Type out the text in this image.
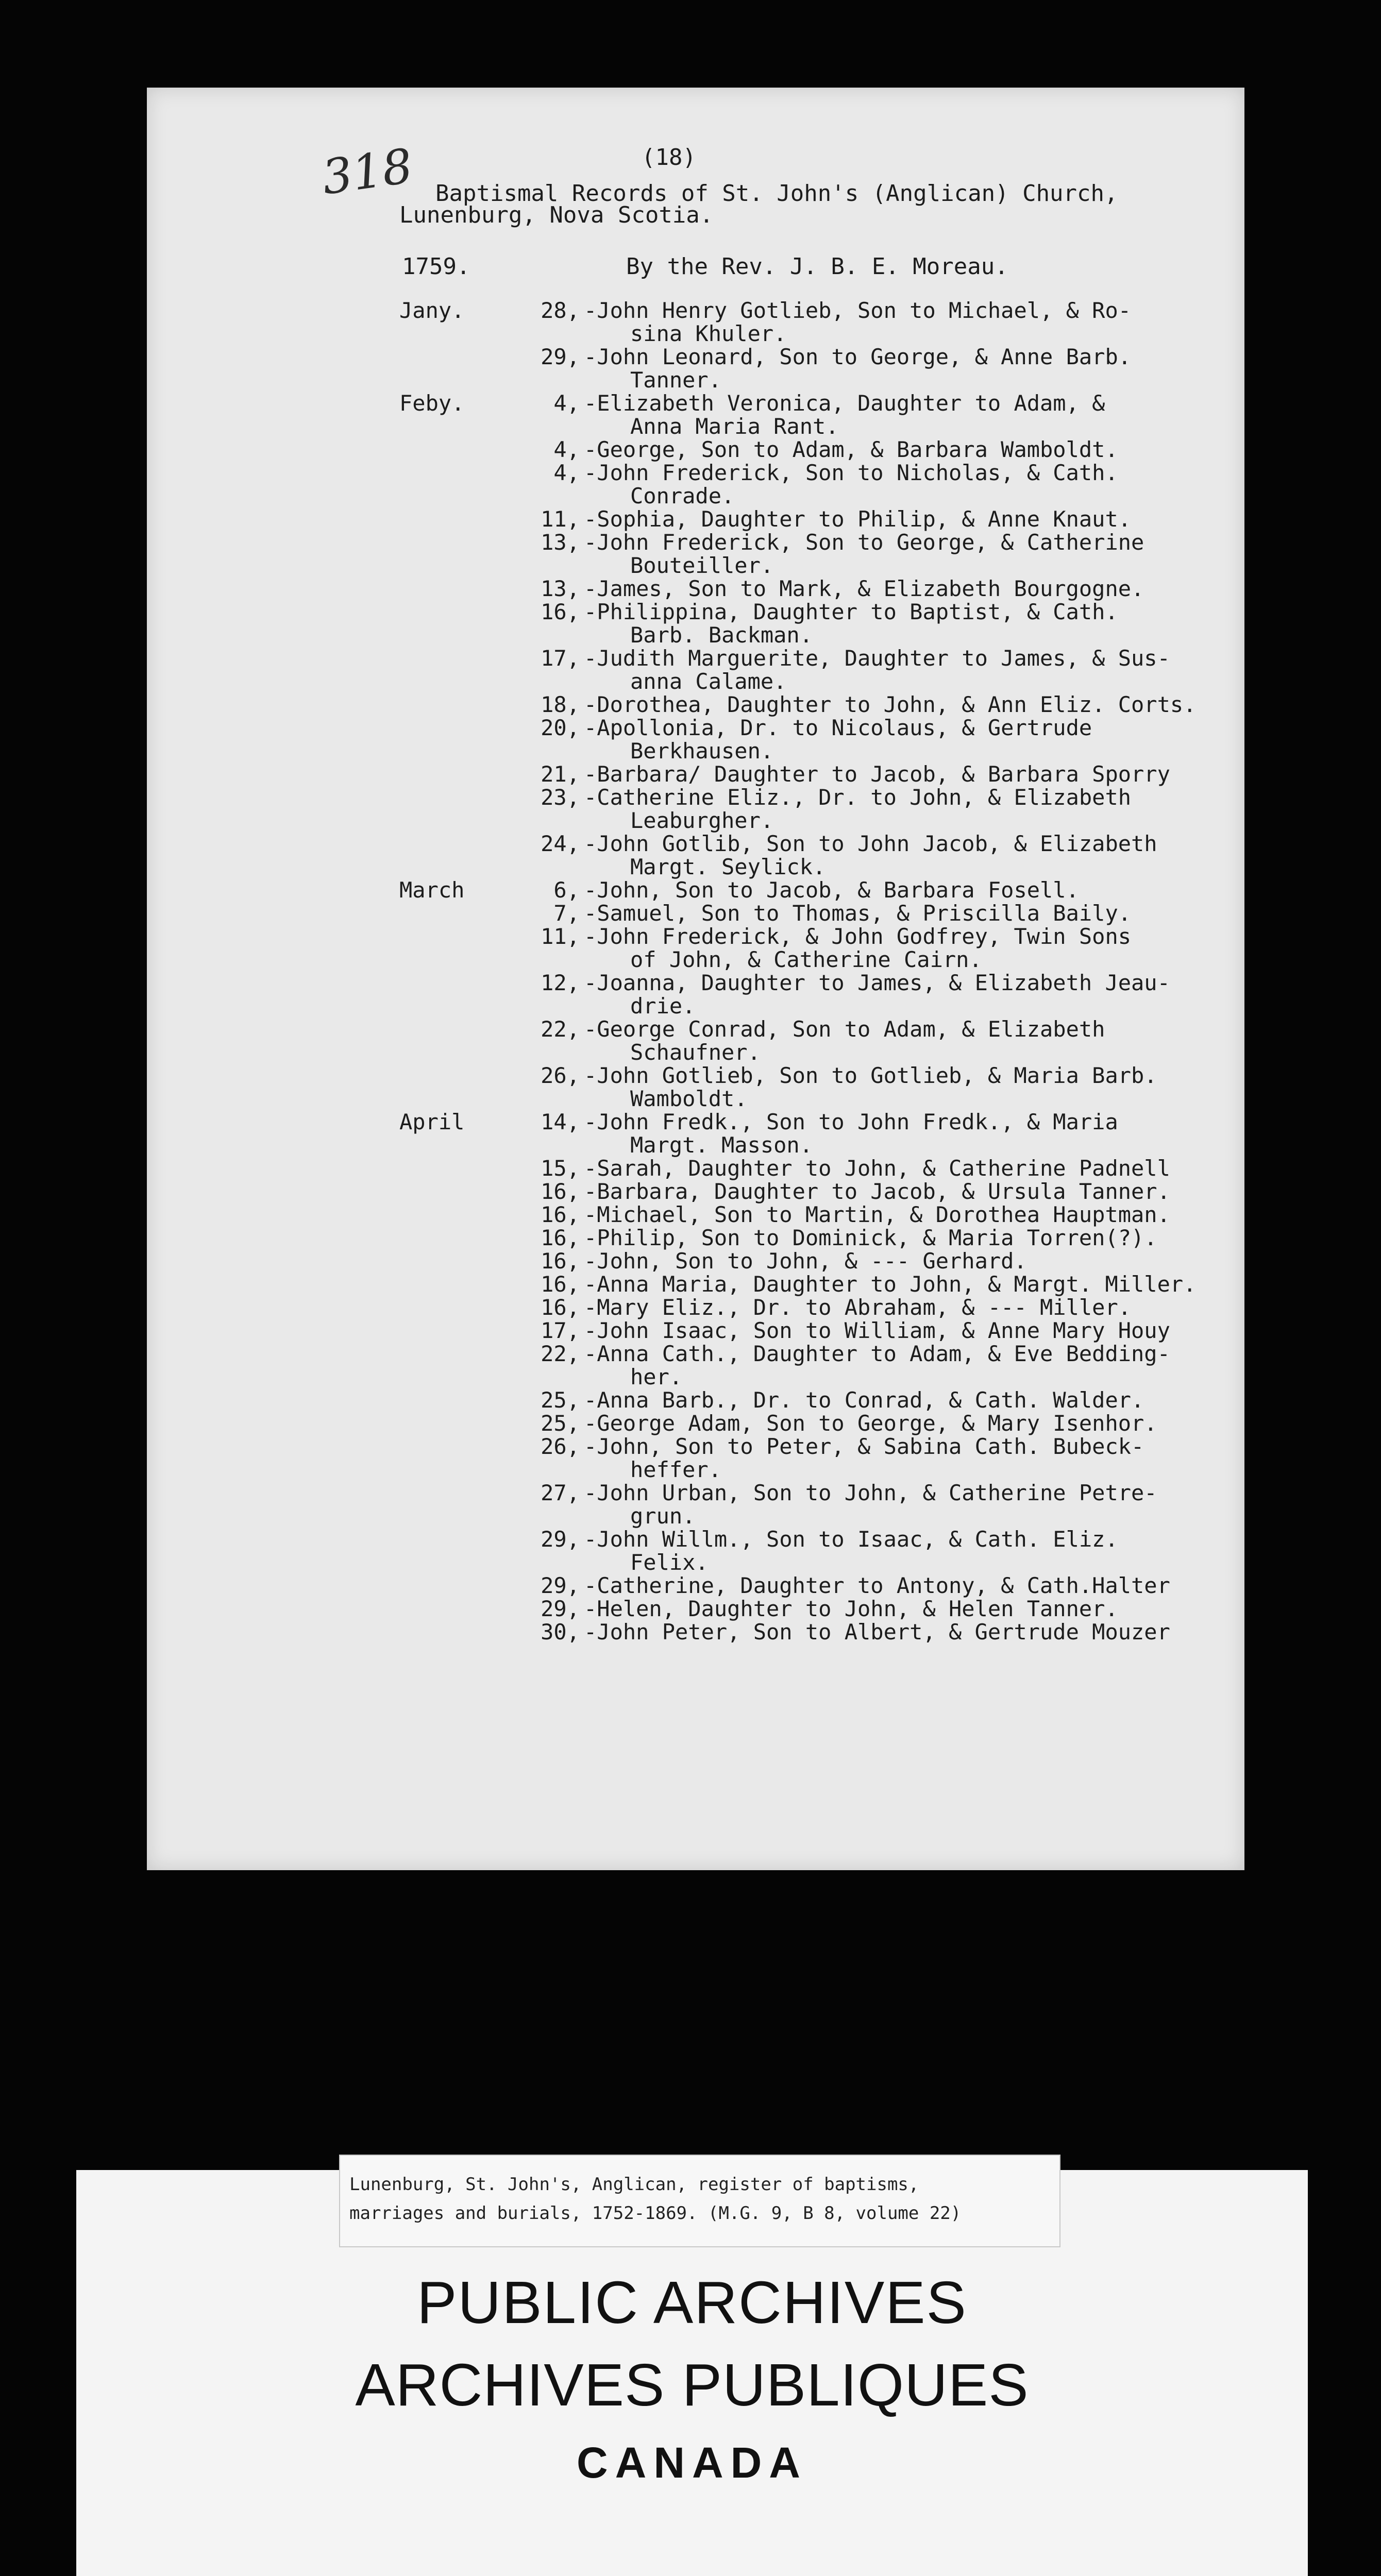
318	(18)
Baptismal Records of St. John's (Anglican) Church,
Lunenburg, Nova Scotia.
1759.	By the Rev. J. B. E. Moreau.
Jany.	28, -John Henry Gotlieb, Son to Michael, & Ro-
sina Khuler.
29, -John Leonard, Son to George, & Anne Barb.
Tanner.
Feby.	4, -Elizabeth Veronica, Daughter to Adam, &
Anna Maria Rant.
4, -George, Son to Adam, & Barbara Wamboldt.
4, -John Frederick, Son to Nicholas, & Cath.
Conrade.
11, -Sophia, Daughter to Philip, & Anne Knaut.
13, -John Frederick, Son to George, & Catherine
Bouteiller.
13, -James, Son to Mark, & Elizabeth Bourgogne.
16, -Philippina, Daughter to Baptist, & Cath.
Barb. Backman.
17, -Judith Marguerite, Daughter to James, & Sus-
anna Calame.
18, -Dorothea, Daughter to John, & Ann Eliz. Corts.
20, -Apollonia, Dr. to Nicolaus, & Gertrude
Berkhausen.
21, -Barbara/ Daughter to Jacob, & Barbara Sporry
23, -Catherine Eliz., Dr. to John, & Elizabeth
Leaburgher.
24, -John Gotlib, Son to John Jacob, & Elizabeth
Margt. Seylick.
March	6, -John, Son to Jacob, & Barbara Fosell.
7, -Samuel, Son to Thomas, & Priscilla Baily.
11, -John Frederick, & John Godfrey, Twin Sons
of John, & Catherine Cairn.
12, -Joanna, Daughter to James, & Elizabeth Jeau-
drie.
22, -George Conrad, Son to Adam, & Elizabeth
Schaufner.
26, -John Gotlieb, Son to Gotlieb, & Maria Barb.
Wamboldt.
April	14, -John Fredk., Son to John Fredk., & Maria
Margt. Masson.
15, -Sarah, Daughter to John, & Catherine Padnell
16, -Barbara, Daughter to Jacob, & Ursula Tanner.
16, -Michael, Son to Martin, & Dorothea Hauptman.
16, -Philip, Son to Dominick, & Maria Torren(?).
16, -John, Son to John, & --- Gerhard.
16, -Anna Maria, Daughter to John, & Margt. Miller.
16, -Mary Eliz., Dr. to Abraham, & --- Miller.
17, -John Isaac, Son to William, & Anne Mary Houy
22, -Anna Cath., Daughter to Adam, & Eve Bedding-
her.
25, -Anna Barb., Dr. to Conrad, & Cath. Walder.
25, -George Adam, Son to George, & Mary Isenhor.
26, -John, Son to Peter, & Sabina Cath. Bubeck-
heffer.
27, -John Urban, Son to John, & Catherine Petre-
grun.
29, -John Willm., Son to Isaac, & Cath. Eliz.
Felix.
29, -Catherine, Daughter to Antony, & Cath.Halter
29, -Helen, Daughter to John, & Helen Tanner.
30, -John Peter, Son to Albert, & Gertrude Mouzer
Lunenburg, St. John's, Anglican, register of baptisms,
marriages and burials, 1752-1869. (M.G. 9, B 8, volume 22)
PUBLIC ARCHIVES
ARCHIVES PUBLIQUES
CANADA
